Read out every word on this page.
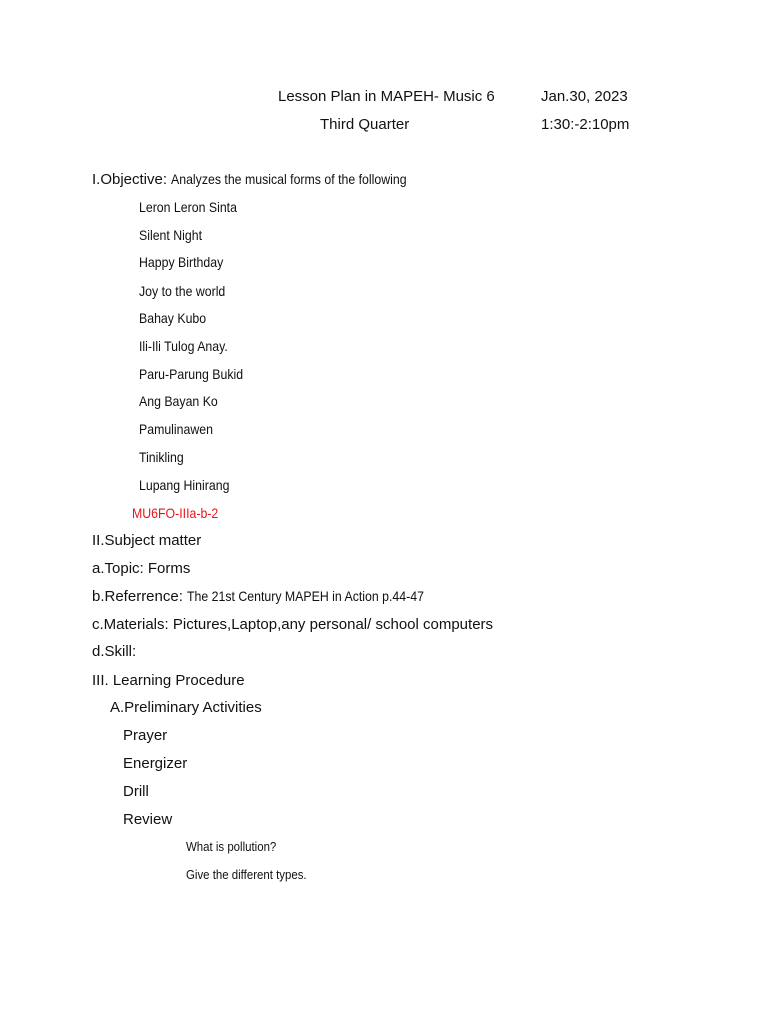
Lesson Plan in MAPEH- Music 6	Jan.30, 2023
Third Quarter	1:30:-2:10pm
I.Objective: Analyzes the musical forms of the following
Leron Leron Sinta
Silent Night
Happy Birthday
Joy to the world
Bahay Kubo
Ili-Ili Tulog Anay.
Paru-Parung Bukid
Ang Bayan Ko
Pamulinawen
Tinikling
Lupang Hinirang
MU6FO-IIIa-b-2
II.Subject matter
a.Topic: Forms
b.Referrence: The 21st Century MAPEH in Action p.44-47
c.Materials: Pictures,Laptop,any personal/ school computers
d.Skill:
III. Learning Procedure
A.Preliminary Activities
Prayer
Energizer
Drill
Review
What is pollution?
Give the different types.
